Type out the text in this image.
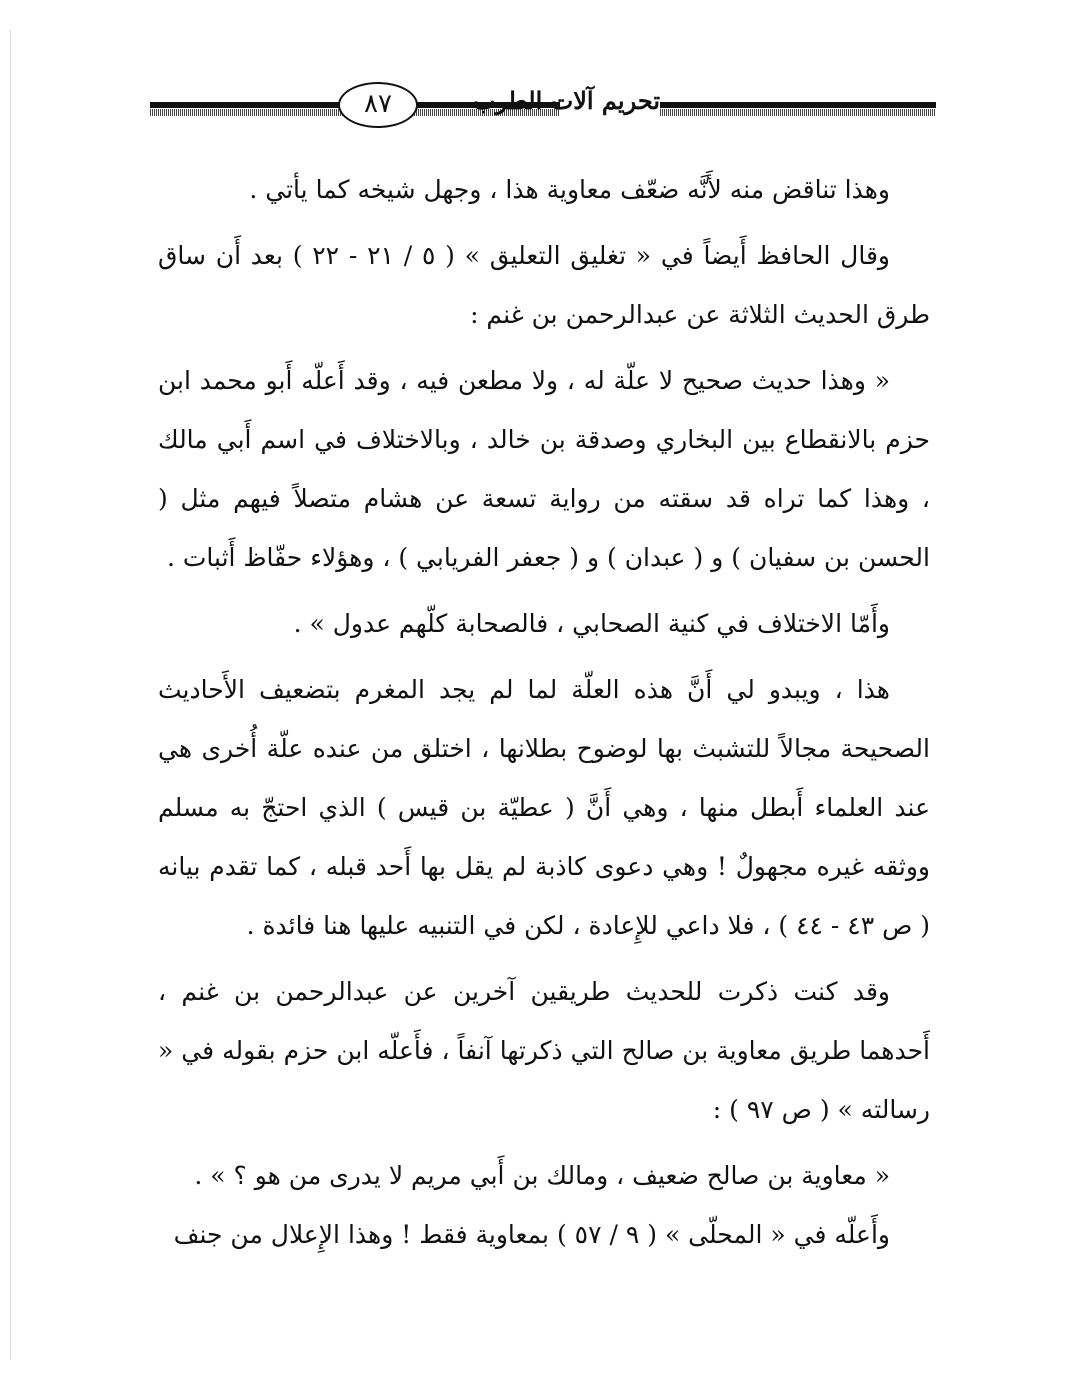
٨٧	تحريم آلات الطرب

وهذا تناقض منه لأَنَّه ضعّف معاوية هذا ، وجهل شيخه كما يأتي .

وقال الحافظ أَيضاً في « تغليق التعليق » ( ٥ / ٢١ - ٢٢ ) بعد أَن ساق طرق الحديث الثلاثة عن عبدالرحمن بن غنم :

« وهذا حديث صحيح لا علّة له ، ولا مطعن فيه ، وقد أَعلّه أَبو محمد ابن حزم بالانقطاع بين البخاري وصدقة بن خالد ، وبالاختلاف في اسم أَبي مالك ، وهذا كما تراه قد سقته من رواية تسعة عن هشام متصلاً فيهم مثل ( الحسن بن سفيان ) و ( عبدان ) و ( جعفر الفريابي ) ، وهؤلاء حفّاظ أَثبات .

وأَمّا الاختلاف في كنية الصحابي ، فالصحابة كلّهم عدول » .

هذا ، ويبدو لي أَنَّ هذه العلّة لما لم يجد المغرم بتضعيف الأَحاديث الصحيحة مجالاً للتشبث بها لوضوح بطلانها ، اختلق من عنده علّة أُخرى هي عند العلماء أَبطل منها ، وهي أَنَّ ( عطيّة بن قيس ) الذي احتجّ به مسلم ووثقه غيره مجهولٌ ! وهي دعوى كاذبة لم يقل بها أَحد قبله ، كما تقدم بيانه ( ص ٤٣ - ٤٤ ) ، فلا داعي للإِعادة ، لكن في التنبيه عليها هنا فائدة .

وقد كنت ذكرت للحديث طريقين آخرين عن عبدالرحمن بن غنم ، أَحدهما طريق معاوية بن صالح التي ذكرتها آنفاً ، فأَعلّه ابن حزم بقوله في « رسالته » ( ص ٩٧ ) :

« معاوية بن صالح ضعيف ، ومالك بن أَبي مريم لا يدرى من هو ؟ » .

وأَعلّه في « المحلّى » ( ٩ / ٥٧ ) بمعاوية فقط ! وهذا الإِعلال من جنف
